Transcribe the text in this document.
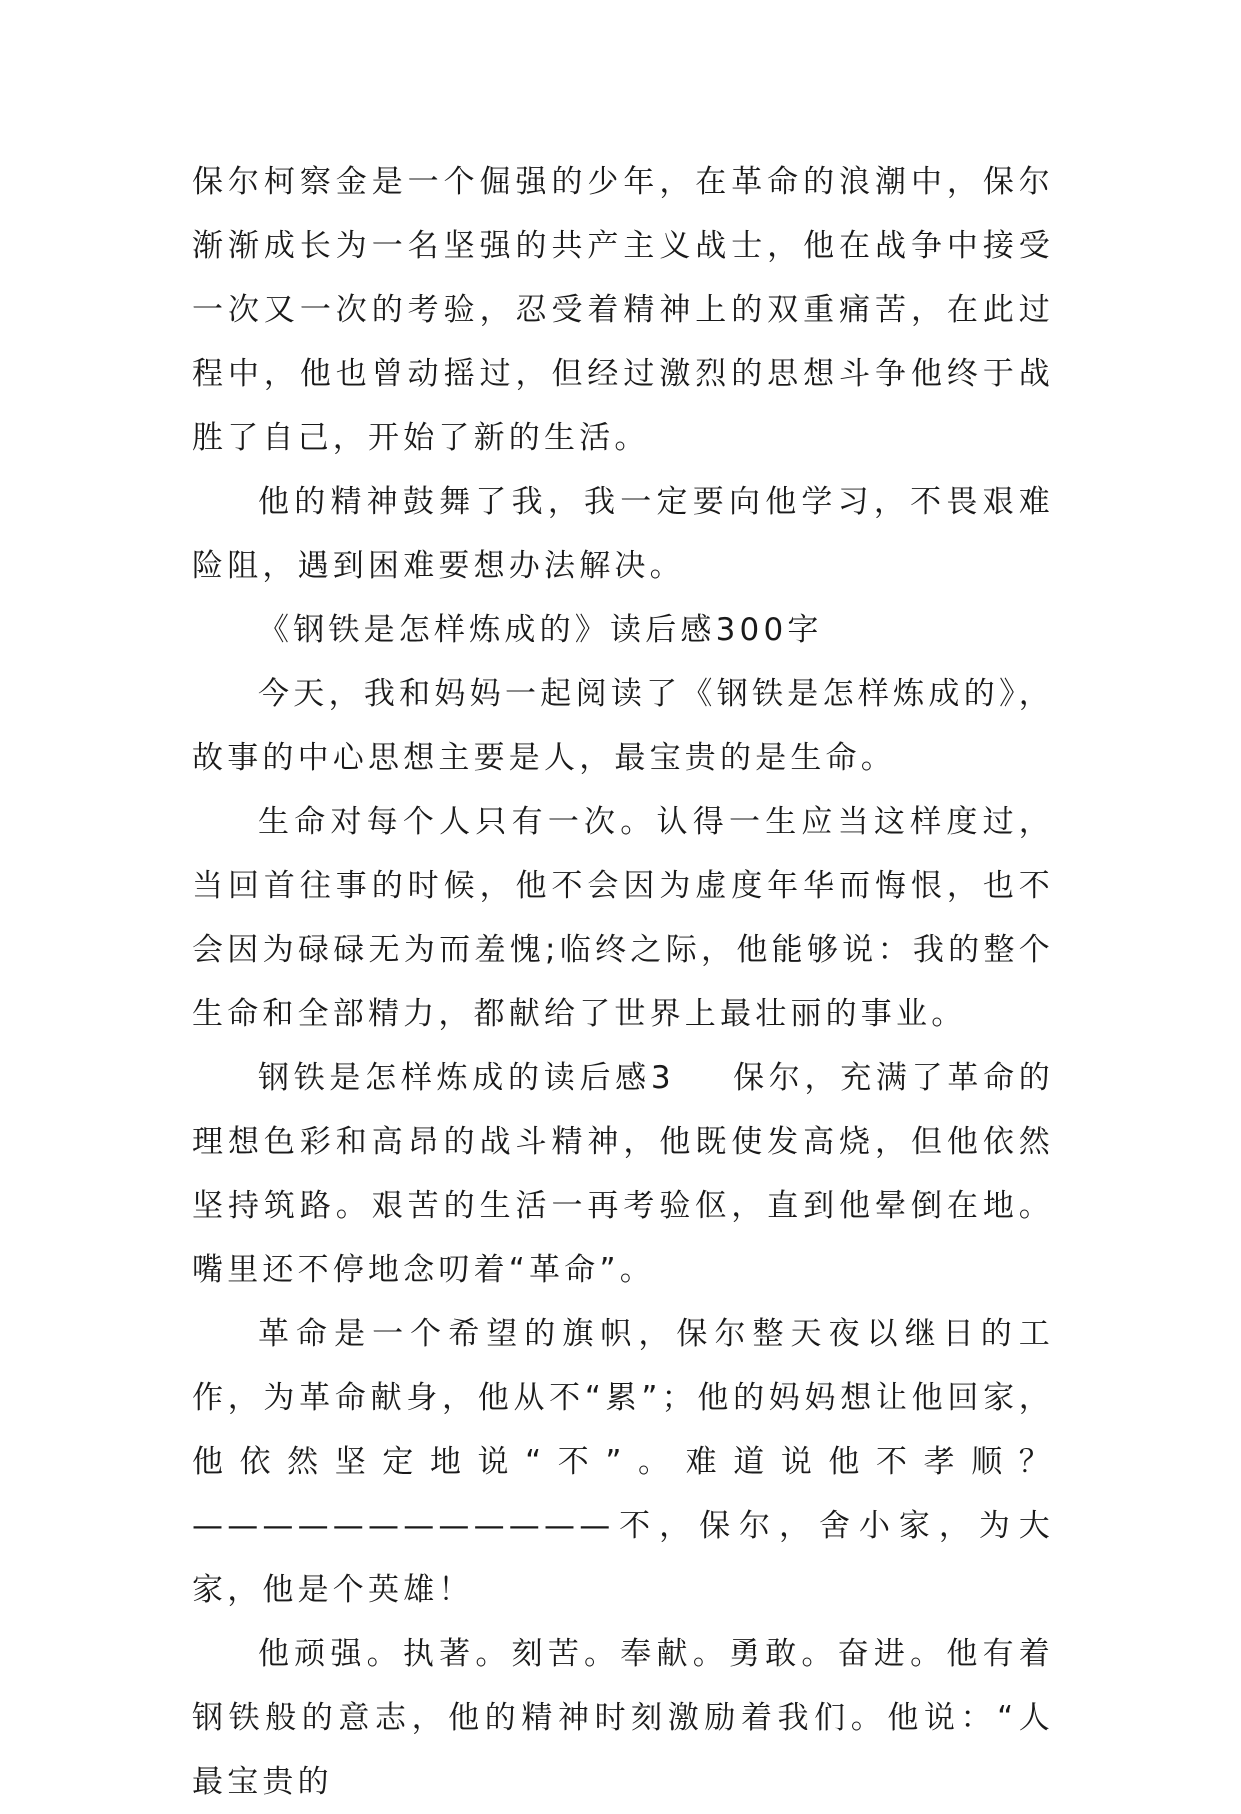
保尔柯察金是一个倔强的少年，在革命的浪潮中，保尔渐渐成长为一名坚强的共产主义战士，他在战争中接受一次又一次的考验，忍受着精神上的双重痛苦，在此过程中，他也曾动摇过，但经过激烈的思想斗争他终于战胜了自己，开始了新的生活。

他的精神鼓舞了我，我一定要向他学习，不畏艰难险阻，遇到困难要想办法解决。

《钢铁是怎样炼成的》读后感300字

今天，我和妈妈一起阅读了《钢铁是怎样炼成的》，故事的中心思想主要是人，最宝贵的是生命。

生命对每个人只有一次。认得一生应当这样度过，当回首往事的时候，他不会因为虚度年华而悔恨，也不会因为碌碌无为而羞愧;临终之际，他能够说：我的整个生命和全部精力，都献给了世界上最壮丽的事业。

钢铁是怎样炼成的读后感3    保尔，充满了革命的理想色彩和高昂的战斗精神，他既使发高烧，但他依然坚持筑路。艰苦的生活一再考验伛，直到他晕倒在地。嘴里还不停地念叨着“革命”。

革命是一个希望的旗帜，保尔整天夜以继日的工作，为革命献身，他从不“累”；他的妈妈想让他回家，他依然坚定地说“不”。难道说他不孝顺？————————————不，保尔，舍小家，为大家，他是个英雄！

他顽强。执著。刻苦。奉献。勇敢。奋进。他有着钢铁般的意志，他的精神时刻激励着我们。他说：“人最宝贵的
